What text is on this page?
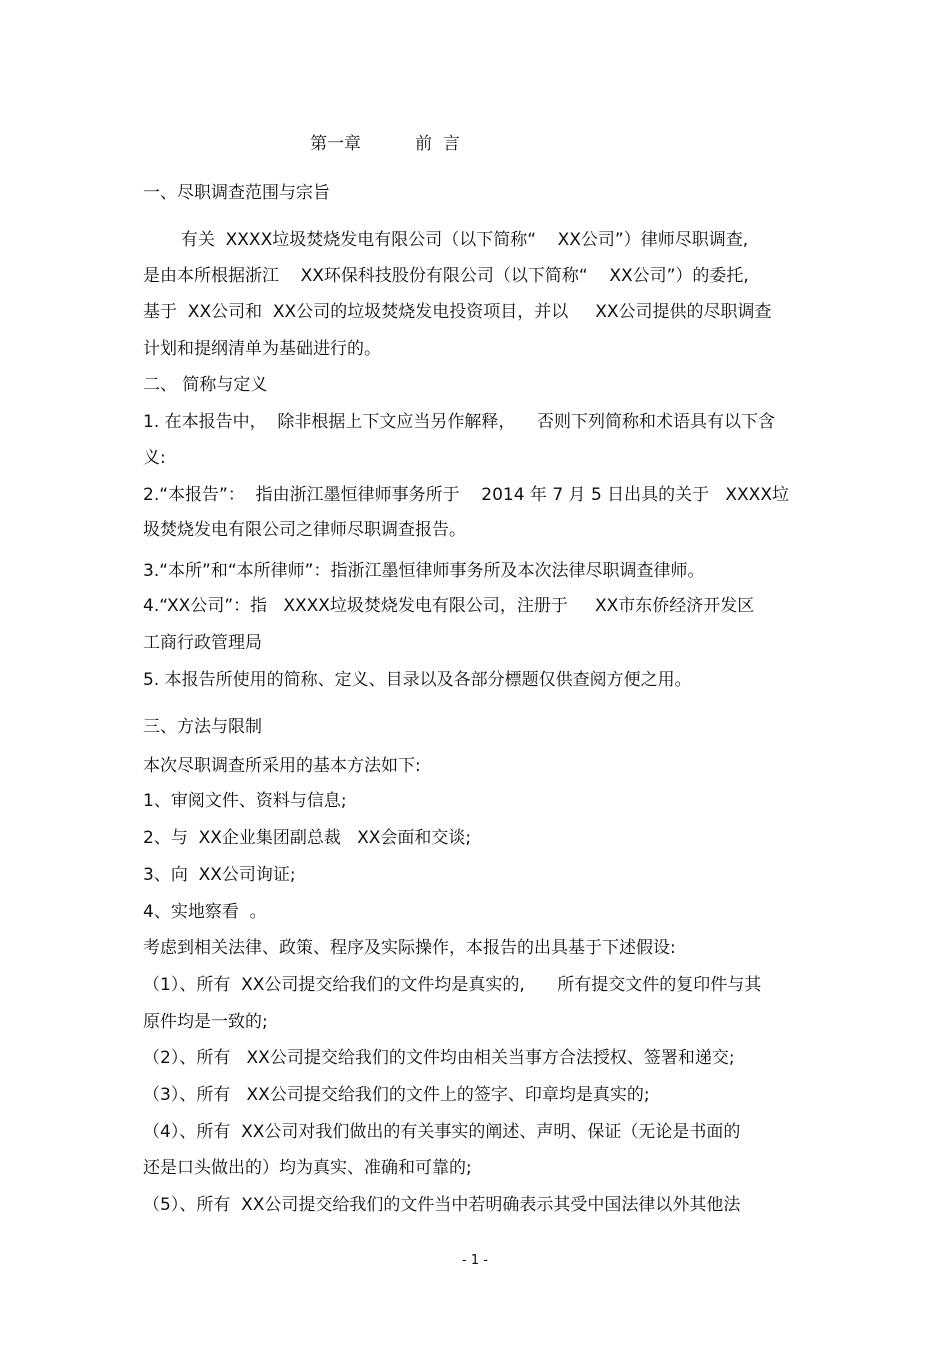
第一章          前  言
一、尽职调查范围与宗旨
有关  XXXX垃圾焚烧发电有限公司（以下简称“    XX公司”）律师尽职调查,
是由本所根据浙江    XX环保科技股份有限公司（以下简称“    XX公司”）的委托,
基于  XX公司和  XX公司的垃圾焚烧发电投资项目，并以     XX公司提供的尽职调查
计划和提纲清单为基础进行的。
二、 简称与定义
1. 在本报告中，  除非根据上下文应当另作解释，    否则下列简称和术语具有以下含
义:
2.“本报告”：  指由浙江墨恒律师事务所于    2014 年 7 月 5 日出具的关于   XXXX垃
圾焚烧发电有限公司之律师尽职调查报告。
3.“本所”和“本所律师”：指浙江墨恒律师事务所及本次法律尽职调查律师。
4.“XX公司”：指   XXXX垃圾焚烧发电有限公司，注册于     XX市东侨经济开发区
工商行政管理局
5. 本报告所使用的简称、定义、目录以及各部分標题仅供查阅方便之用。
三、方法与限制
本次尽职调查所采用的基本方法如下:
1、审阅文件、资料与信息;
2、与  XX企业集团副总裁   XX会面和交谈;
3、向  XX公司询证;
4、实地察看  。
考虑到相关法律、政策、程序及实际操作，本报告的出具基于下述假设:
（1）、所有  XX公司提交给我们的文件均是真实的,      所有提交文件的复印件与其
原件均是一致的;
（2）、所有   XX公司提交给我们的文件均由相关当事方合法授权、签署和递交;
（3）、所有   XX公司提交给我们的文件上的签字、印章均是真实的;
（4）、所有  XX公司对我们做出的有关事实的阐述、声明、保证（无论是书面的
还是口头做出的）均为真实、准确和可靠的;
（5）、所有  XX公司提交给我们的文件当中若明确表示其受中国法律以外其他法
- 1 -
